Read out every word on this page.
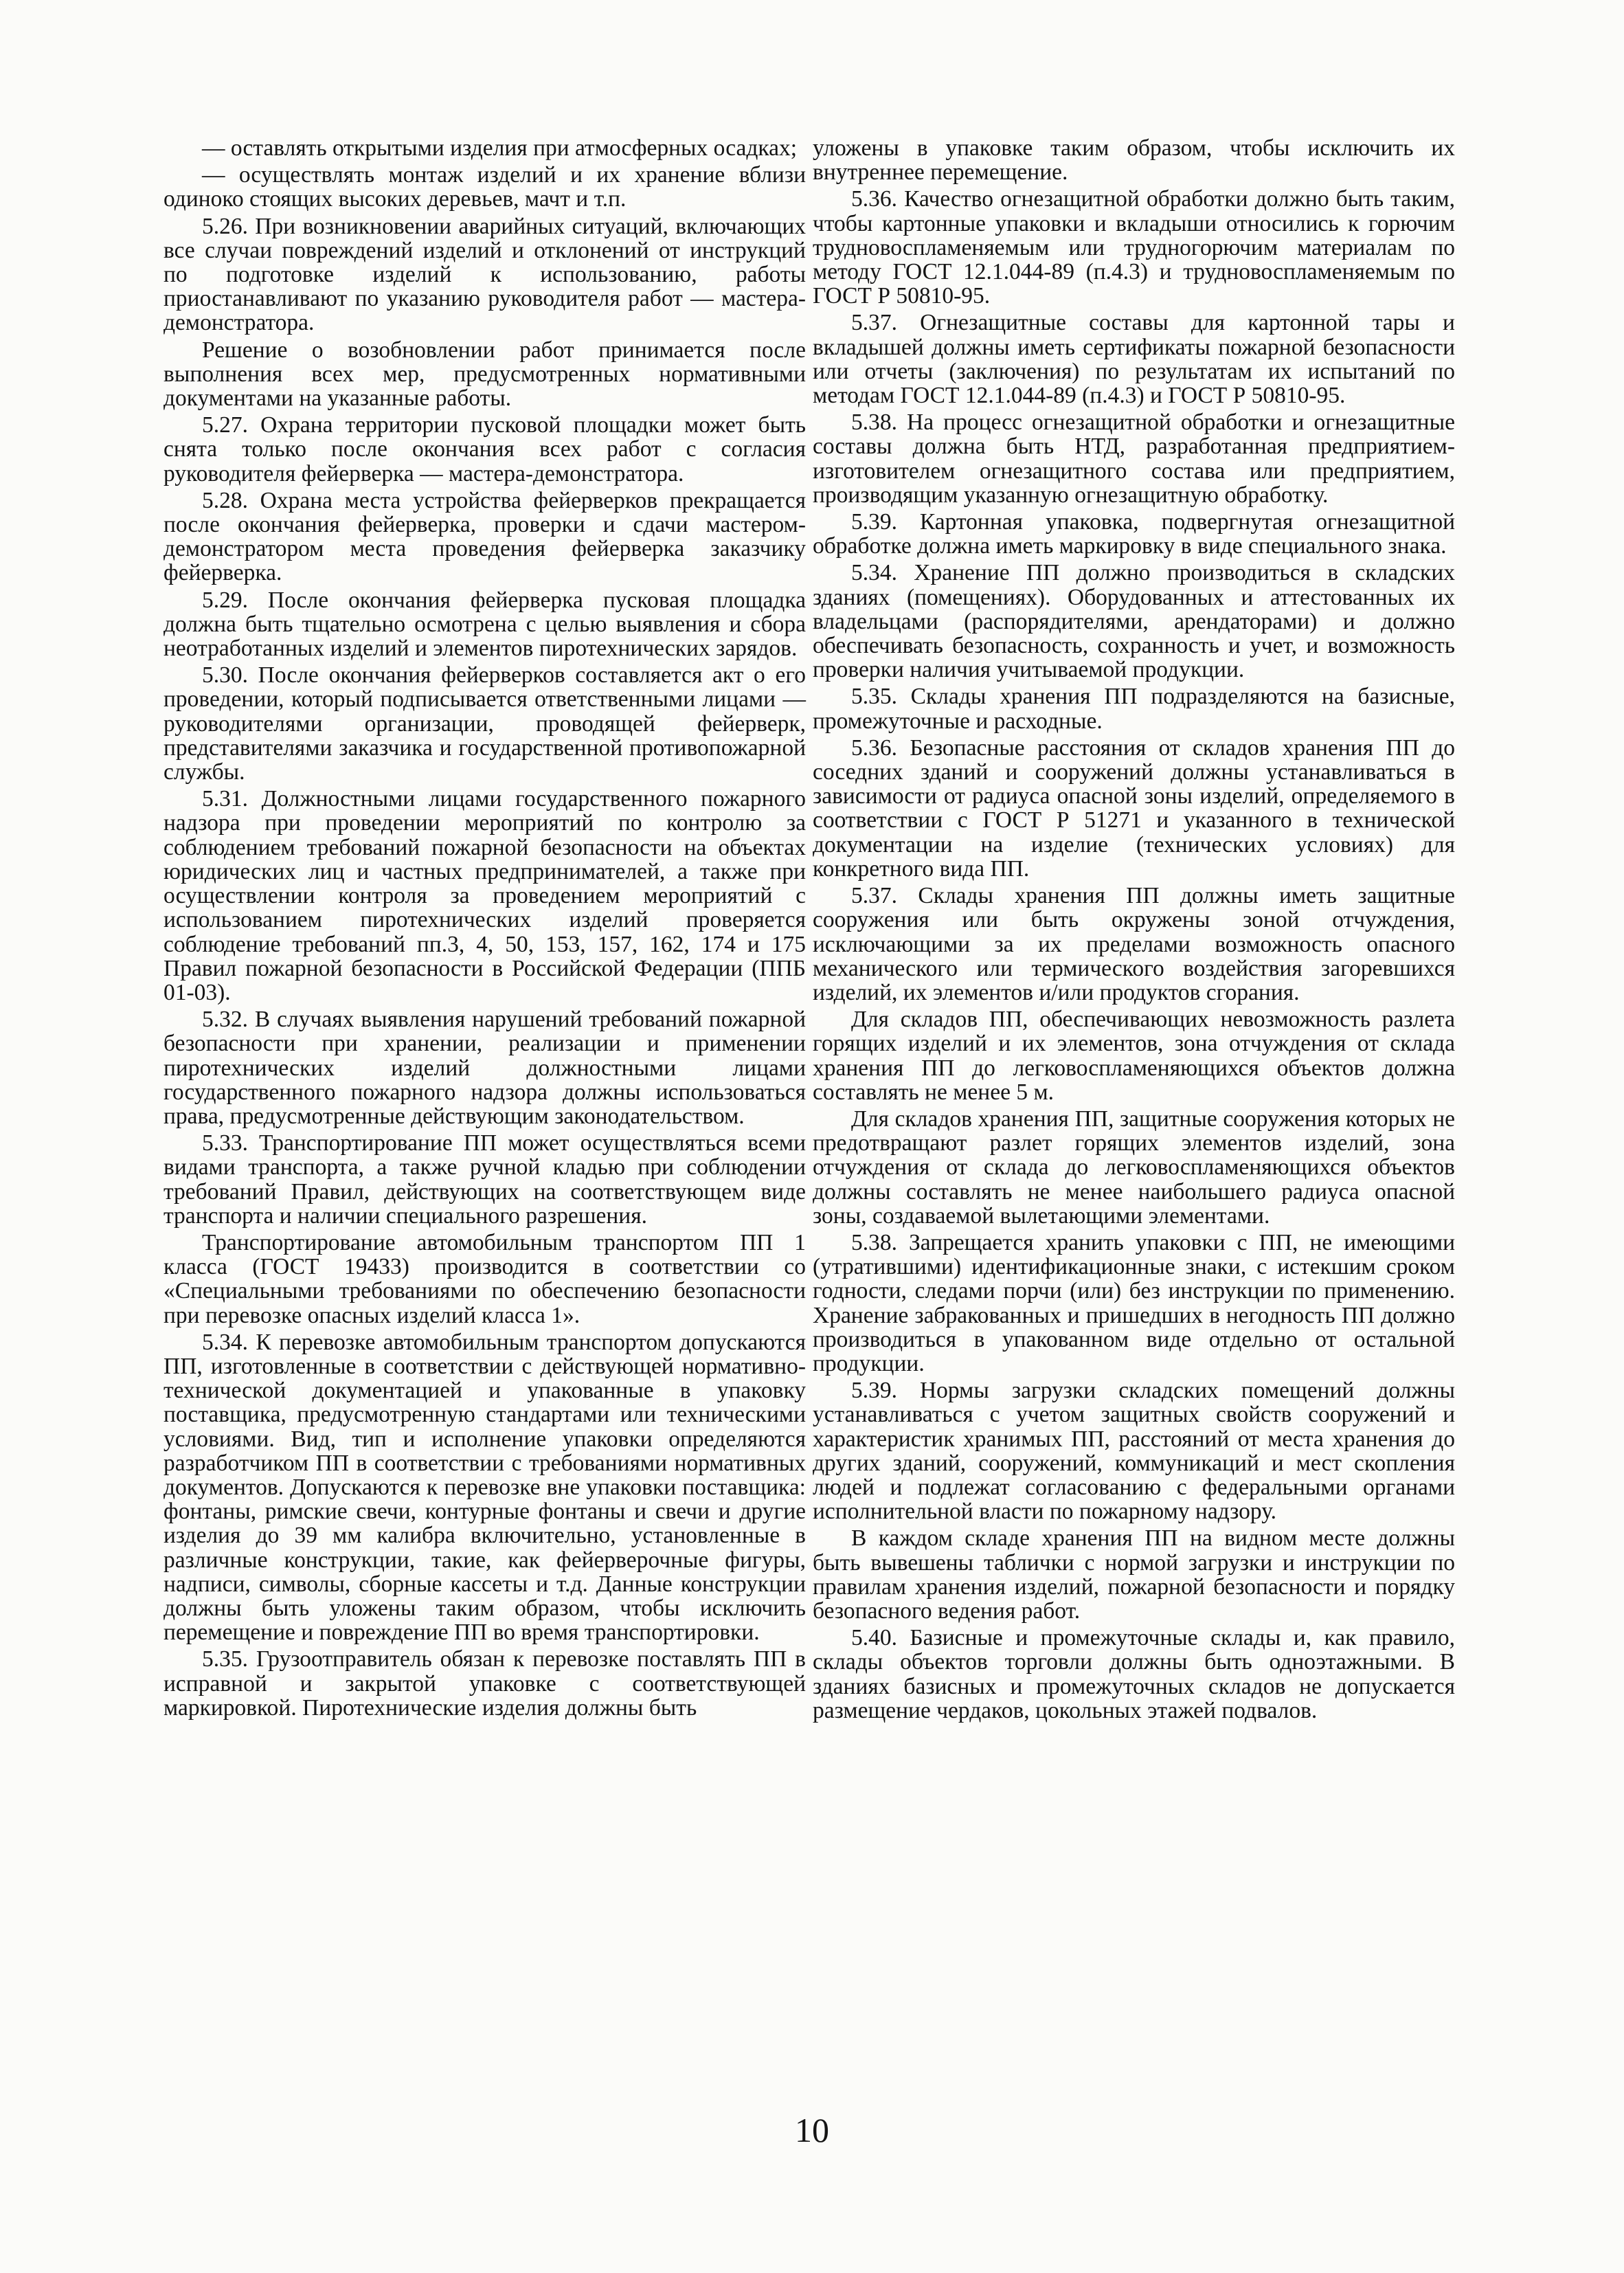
— оставлять открытыми изделия при атмосферных осадках;

— осуществлять монтаж изделий и их хранение вблизи одиноко стоящих высоких деревьев, мачт и т.п.

5.26. При возникновении аварийных ситуаций, включающих все случаи повреждений изделий и отклонений от инструкций по подготовке изделий к использованию, работы приостанавливают по указанию руководителя работ — мастера-демонстратора.

Решение о возобновлении работ принимается после выполнения всех мер, предусмотренных нормативными документами на указанные работы.

5.27. Охрана территории пусковой площадки может быть снята только после окончания всех работ с согласия руководителя фейерверка — мастера-демонстратора.

5.28. Охрана места устройства фейерверков прекращается после окончания фейерверка, проверки и сдачи мастером-демонстратором места проведения фейерверка заказчику фейерверка.

5.29. После окончания фейерверка пусковая площадка должна быть тщательно осмотрена с целью выявления и сбора неотработанных изделий и элементов пиротехнических зарядов.

5.30. После окончания фейерверков составляется акт о его проведении, который подписывается ответственными лицами — руководителями организации, проводящей фейерверк, представителями заказчика и государственной противопожарной службы.

5.31. Должностными лицами государственного пожарного надзора при проведении мероприятий по контролю за соблюдением требований пожарной безопасности на объектах юридических лиц и частных предпринимателей, а также при осуществлении контроля за проведением мероприятий с использованием пиротехнических изделий проверяется соблюдение требований пп.3, 4, 50, 153, 157, 162, 174 и 175 Правил пожарной безопасности в Российской Федерации (ППБ 01-03).

5.32. В случаях выявления нарушений требований пожарной безопасности при хранении, реализации и применении пиротехнических изделий должностными лицами государственного пожарного надзора должны использоваться права, предусмотренные действующим законодательством.

5.33. Транспортирование ПП может осуществляться всеми видами транспорта, а также ручной кладью при соблюдении требований Правил, действующих на соответствующем виде транспорта и наличии специального разрешения.

Транспортирование автомобильным транспортом ПП 1 класса (ГОСТ 19433) производится в соответствии со «Специальными требованиями по обеспечению безопасности при перевозке опасных изделий класса 1».

5.34. К перевозке автомобильным транспортом допускаются ПП, изготовленные в соответствии с действующей нормативно-технической документацией и упакованные в упаковку поставщика, предусмотренную стандартами или техническими условиями. Вид, тип и исполнение упаковки определяются разработчиком ПП в соответствии с требованиями нормативных документов. Допускаются к перевозке вне упаковки поставщика: фонтаны, римские свечи, контурные фонтаны и свечи и другие изделия до 39 мм калибра включительно, установленные в различные конструкции, такие, как фейерверочные фигуры, надписи, символы, сборные кассеты и т.д. Данные конструкции должны быть уложены таким образом, чтобы исключить перемещение и повреждение ПП во время транспортировки.

5.35. Грузоотправитель обязан к перевозке поставлять ПП в исправной и закрытой упаковке с соответствующей маркировкой. Пиротехнические изделия должны быть

уложены в упаковке таким образом, чтобы исключить их внутреннее перемещение.

5.36. Качество огнезащитной обработки должно быть таким, чтобы картонные упаковки и вкладыши относились к горючим трудновоспламеняемым или трудногорючим материалам по методу ГОСТ 12.1.044-89 (п.4.3) и трудновоспламеняемым по ГОСТ Р 50810-95.

5.37. Огнезащитные составы для картонной тары и вкладышей должны иметь сертификаты пожарной безопасности или отчеты (заключения) по результатам их испытаний по методам ГОСТ 12.1.044-89 (п.4.3) и ГОСТ Р 50810-95.

5.38. На процесс огнезащитной обработки и огнезащитные составы должна быть НТД, разработанная предприятием-изготовителем огнезащитного состава или предприятием, производящим указанную огнезащитную обработку.

5.39. Картонная упаковка, подвергнутая огнезащитной обработке должна иметь маркировку в виде специального знака.

5.34. Хранение ПП должно производиться в складских зданиях (помещениях). Оборудованных и аттестованных их владельцами (распорядителями, арендаторами) и должно обеспечивать безопасность, сохранность и учет, и возможность проверки наличия учитываемой продукции.

5.35. Склады хранения ПП подразделяются на базисные, промежуточные и расходные.

5.36. Безопасные расстояния от складов хранения ПП до соседних зданий и сооружений должны устанавливаться в зависимости от радиуса опасной зоны изделий, определяемого в соответствии с ГОСТ Р 51271 и указанного в технической документации на изделие (технических условиях) для конкретного вида ПП.

5.37. Склады хранения ПП должны иметь защитные сооружения или быть окружены зоной отчуждения, исключающими за их пределами возможность опасного механического или термического воздействия загоревшихся изделий, их элементов и/или продуктов сгорания.

Для складов ПП, обеспечивающих невозможность разлета горящих изделий и их элементов, зона отчуждения от склада хранения ПП до легковоспламеняющихся объектов должна составлять не менее 5 м.

Для складов хранения ПП, защитные сооружения которых не предотвращают разлет горящих элементов изделий, зона отчуждения от склада до легковоспламеняющихся объектов должны составлять не менее наибольшего радиуса опасной зоны, создаваемой вылетающими элементами.

5.38. Запрещается хранить упаковки с ПП, не имеющими (утратившими) идентификационные знаки, с истекшим сроком годности, следами порчи (или) без инструкции по применению. Хранение забракованных и пришедших в негодность ПП должно производиться в упакованном виде отдельно от остальной продукции.

5.39. Нормы загрузки складских помещений должны устанавливаться с учетом защитных свойств сооружений и характеристик хранимых ПП, расстояний от места хранения до других зданий, сооружений, коммуникаций и мест скопления людей и подлежат согласованию с федеральными органами исполнительной власти по пожарному надзору.

В каждом складе хранения ПП на видном месте должны быть вывешены таблички с нормой загрузки и инструкции по правилам хранения изделий, пожарной безопасности и порядку безопасного ведения работ.

5.40. Базисные и промежуточные склады и, как правило, склады объектов торговли должны быть одноэтажными. В зданиях базисных и промежуточных складов не допускается размещение чердаков, цокольных этажей подвалов.

10
